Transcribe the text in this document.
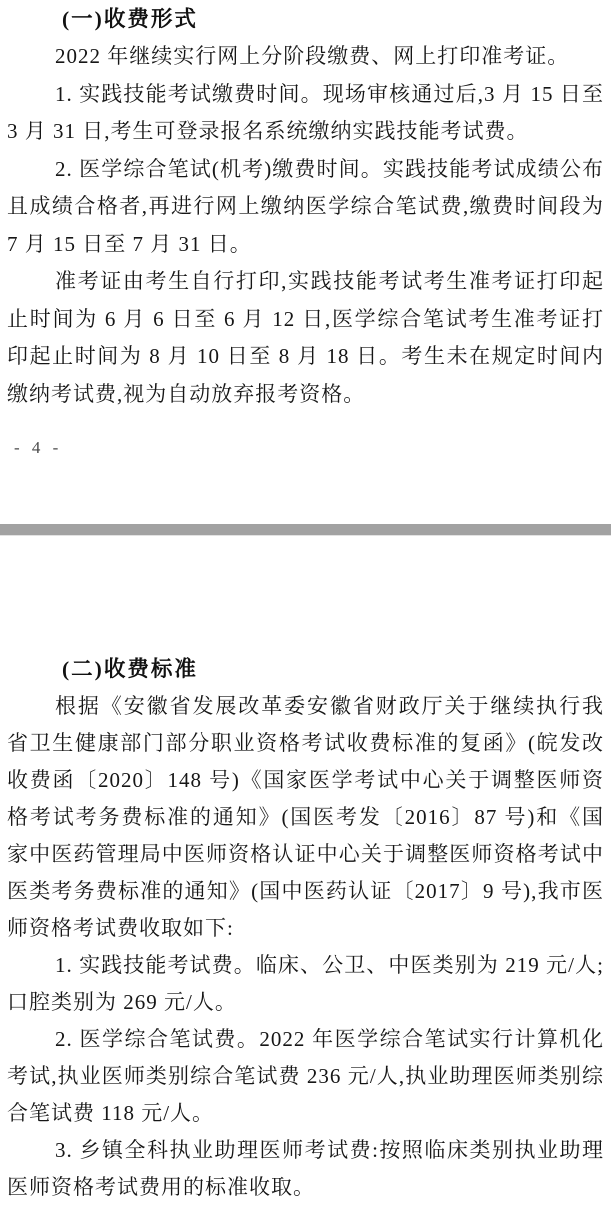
(一)收费形式

2022 年继续实行网上分阶段缴费、网上打印准考证。

1. 实践技能考试缴费时间。现场审核通过后,3 月 15 日至 3 月 31 日,考生可登录报名系统缴纳实践技能考试费。

2. 医学综合笔试(机考)缴费时间。实践技能考试成绩公布且成绩合格者,再进行网上缴纳医学综合笔试费,缴费时间段为 7 月 15 日至 7 月 31 日。

准考证由考生自行打印,实践技能考试考生准考证打印起止时间为 6 月 6 日至 6 月 12 日,医学综合笔试考生准考证打印起止时间为 8 月 10 日至 8 月 18 日。考生未在规定时间内缴纳考试费,视为自动放弃报考资格。

- 4 -
(二)收费标准

根据《安徽省发展改革委安徽省财政厅关于继续执行我省卫生健康部门部分职业资格考试收费标准的复函》(皖发改收费函〔2020〕148 号)《国家医学考试中心关于调整医师资格考试考务费标准的通知》(国医考发〔2016〕87 号)和《国家中医药管理局中医师资格认证中心关于调整医师资格考试中医类考务费标准的通知》(国中医药认证〔2017〕9 号),我市医师资格考试费收取如下:

1. 实践技能考试费。临床、公卫、中医类别为 219 元/人;口腔类别为 269 元/人。

2. 医学综合笔试费。2022 年医学综合笔试实行计算机化考试,执业医师类别综合笔试费 236 元/人,执业助理医师类别综合笔试费 118 元/人。

3. 乡镇全科执业助理医师考试费:按照临床类别执业助理医师资格考试费用的标准收取。
